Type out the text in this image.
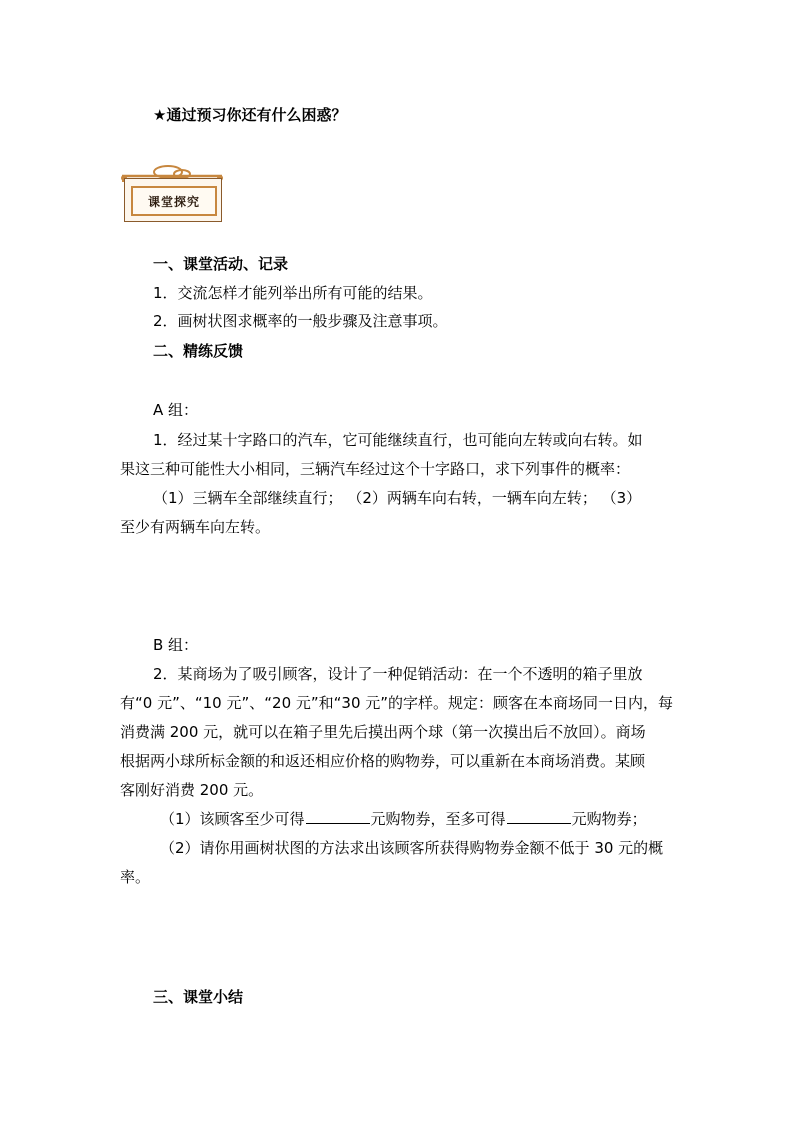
★通过预习你还有什么困惑？
课堂探究
一、课堂活动、记录
1．交流怎样才能列举出所有可能的结果。
2．画树状图求概率的一般步骤及注意事项。
二、精练反馈
A 组：
1．经过某十字路口的汽车，它可能继续直行，也可能向左转或向右转。如
果这三种可能性大小相同，三辆汽车经过这个十字路口，求下列事件的概率：
（1）三辆车全部继续直行； （2）两辆车向右转，一辆车向左转； （3）
至少有两辆车向左转。
B 组：
2．某商场为了吸引顾客，设计了一种促销活动：在一个不透明的箱子里放
有“0 元”、“10 元”、“20 元”和“30 元”的字样。规定：顾客在本商场同一日内，每
消费满 200 元，就可以在箱子里先后摸出两个球（第一次摸出后不放回）。商场
根据两小球所标金额的和返还相应价格的购物券，可以重新在本商场消费。某顾
客刚好消费 200 元。
（1）该顾客至少可得	元购物券，至多可得	元购物券；
（2）请你用画树状图的方法求出该顾客所获得购物券金额不低于 30 元的概
率。
三、课堂小结
